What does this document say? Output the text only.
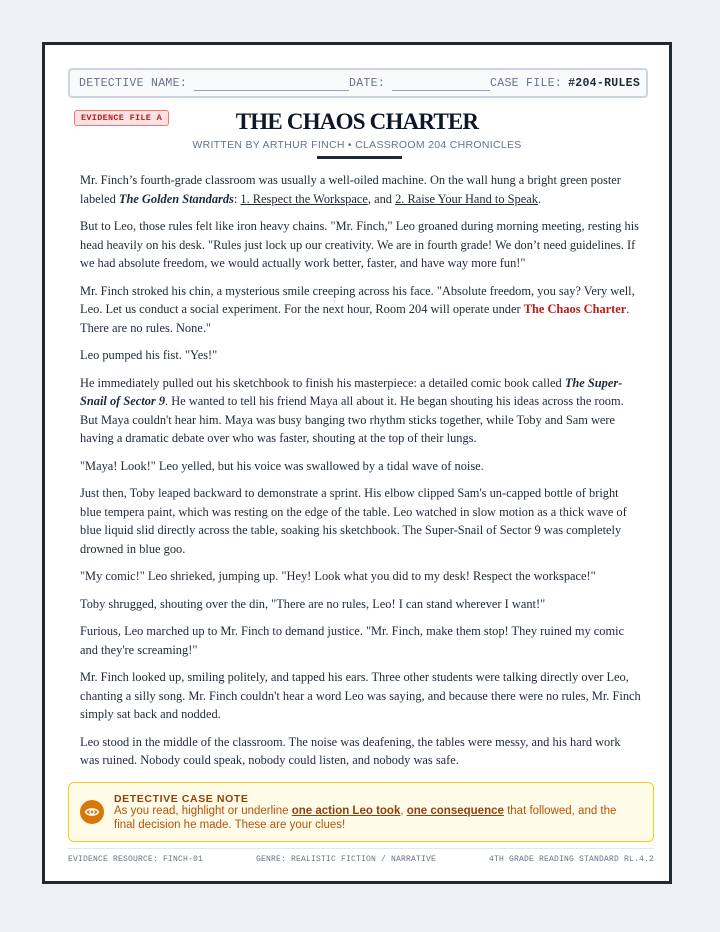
DETECTIVE NAME:	DATE:	CASE FILE: #204-RULES
EVIDENCE FILE A	THE CHAOS CHARTER
WRITTEN BY ARTHUR FINCH • CLASSROOM 204 CHRONICLES

Mr. Finch’s fourth-grade classroom was usually a well-oiled machine. On the wall hung a bright green poster labeled The Golden Standards: 1. Respect the Workspace, and 2. Raise Your Hand to Speak.

But to Leo, those rules felt like iron heavy chains. "Mr. Finch," Leo groaned during morning meeting, resting his head heavily on his desk. "Rules just lock up our creativity. We are in fourth grade! We don’t need guidelines. If we had absolute freedom, we would actually work better, faster, and have way more fun!"

Mr. Finch stroked his chin, a mysterious smile creeping across his face. "Absolute freedom, you say? Very well, Leo. Let us conduct a social experiment. For the next hour, Room 204 will operate under The Chaos Charter. There are no rules. None."

Leo pumped his fist. "Yes!"

He immediately pulled out his sketchbook to finish his masterpiece: a detailed comic book called The Super-Snail of Sector 9. He wanted to tell his friend Maya all about it. He began shouting his ideas across the room. But Maya couldn't hear him. Maya was busy banging two rhythm sticks together, while Toby and Sam were having a dramatic debate over who was faster, shouting at the top of their lungs.

"Maya! Look!" Leo yelled, but his voice was swallowed by a tidal wave of noise.

Just then, Toby leaped backward to demonstrate a sprint. His elbow clipped Sam's un-capped bottle of bright blue tempera paint, which was resting on the edge of the table. Leo watched in slow motion as a thick wave of blue liquid slid directly across the table, soaking his sketchbook. The Super-Snail of Sector 9 was completely drowned in blue goo.

"My comic!" Leo shrieked, jumping up. "Hey! Look what you did to my desk! Respect the workspace!"

Toby shrugged, shouting over the din, "There are no rules, Leo! I can stand wherever I want!"

Furious, Leo marched up to Mr. Finch to demand justice. "Mr. Finch, make them stop! They ruined my comic and they're screaming!"

Mr. Finch looked up, smiling politely, and tapped his ears. Three other students were talking directly over Leo, chanting a silly song. Mr. Finch couldn't hear a word Leo was saying, and because there were no rules, Mr. Finch simply sat back and nodded.

Leo stood in the middle of the classroom. The noise was deafening, the tables were messy, and his hard work was ruined. Nobody could speak, nobody could listen, and nobody was safe.

DETECTIVE CASE NOTE
As you read, highlight or underline one action Leo took, one consequence that followed, and the final decision he made. These are your clues!
EVIDENCE RESOURCE: FINCH-01	GENRE: REALISTIC FICTION / NARRATIVE	4TH GRADE READING STANDARD RL.4.2
